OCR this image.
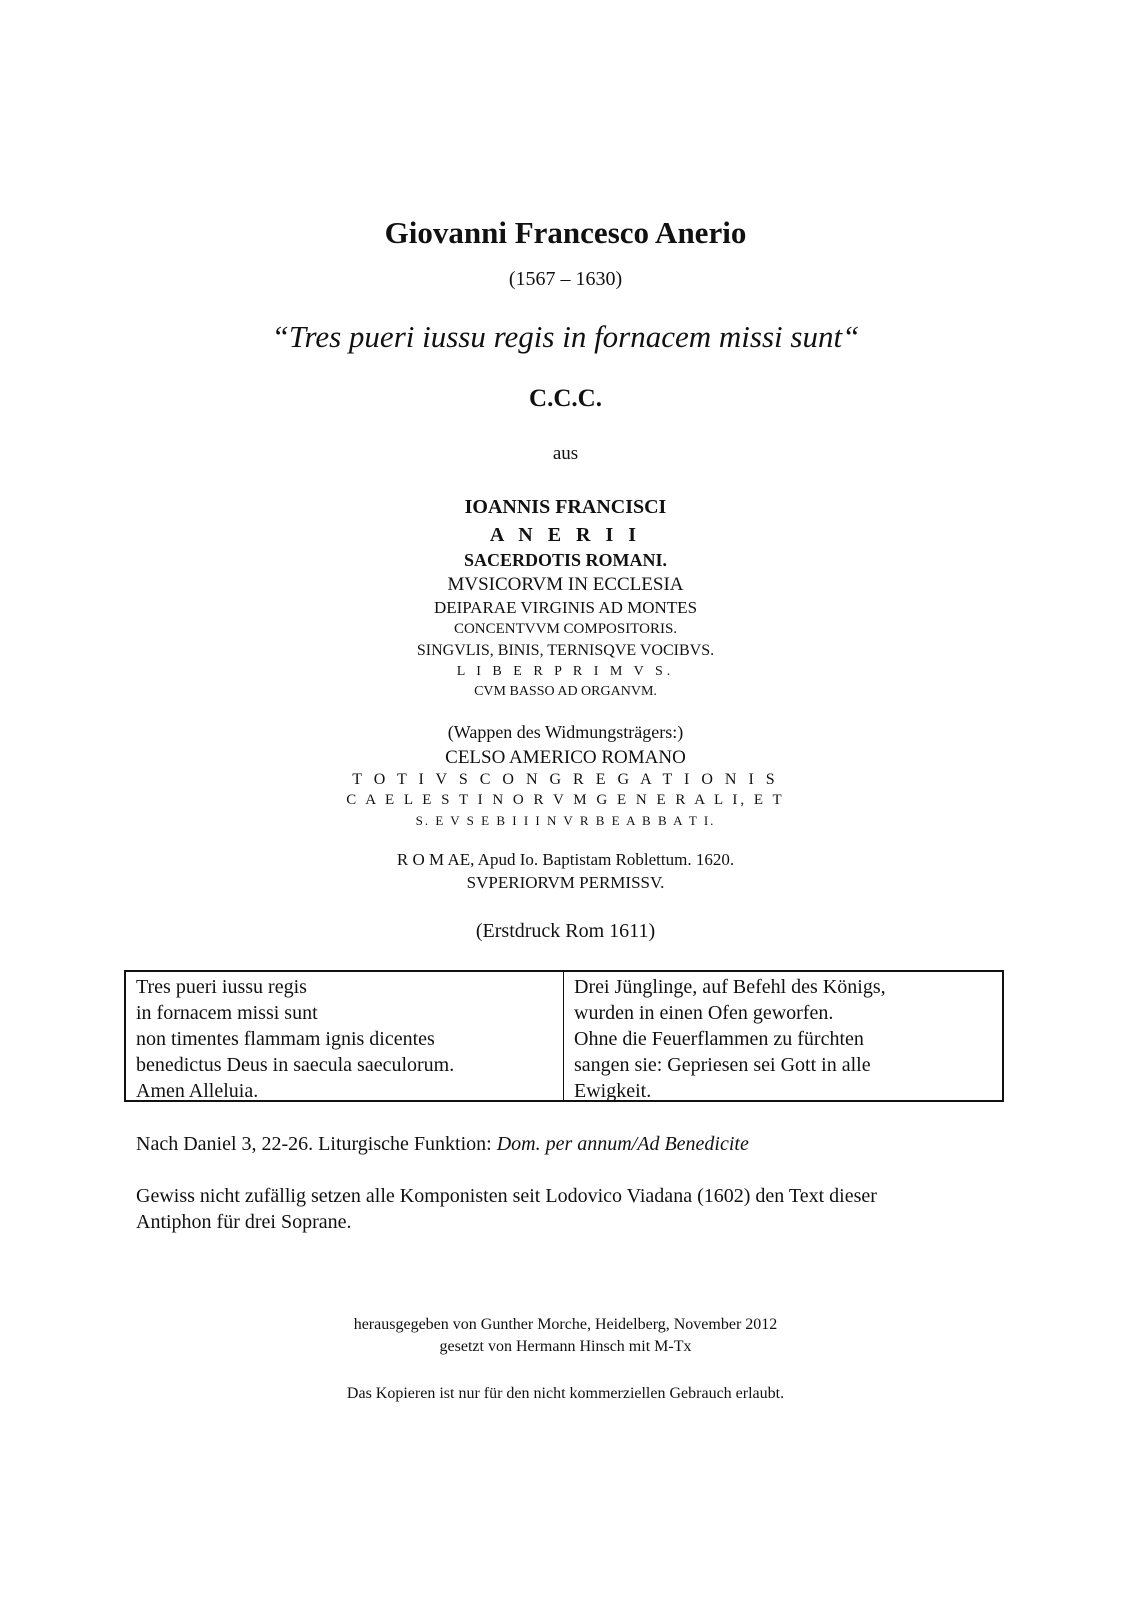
Giovanni Francesco Anerio
(1567 – 1630)
“Tres pueri iussu regis in fornacem missi sunt“
C.C.C.
aus
IOANNIS FRANCISCI
A N E R I I
SACERDOTIS ROMANI.
MVSICORVM IN ECCLESIA
DEIPARAE VIRGINIS AD MONTES
CONCENTVVM COMPOSITORIS.
SINGVLIS, BINIS, TERNISQVE VOCIBVS.
L I B E R P R I M V S.
CVM BASSO AD ORGANVM.
(Wappen des Widmungsträgers:)
CELSO AMERICO ROMANO
T O T I V S C O N G R E G A T I O N I S
C A E L E S T I N O R V M G E N E R A L I, E T
S. E V S E B I I I N V R B E A B B A T I.
R O M AE, Apud Io. Baptistam Roblettum. 1620.
SVPERIORVM PERMISSV.
(Erstdruck Rom 1611)
Tres pueri iussu regis
in fornacem missi sunt
non timentes flammam ignis dicentes
benedictus Deus in saecula saeculorum.
Amen Alleluia.
Drei Jünglinge, auf Befehl des Königs,
wurden in einen Ofen geworfen.
Ohne die Feuerflammen zu fürchten
sangen sie: Gepriesen sei Gott in alle
Ewigkeit.
Nach Daniel 3, 22-26. Liturgische Funktion: Dom. per annum/Ad Benedicite
Gewiss nicht zufällig setzen alle Komponisten seit Lodovico Viadana (1602) den Text dieser
Antiphon für drei Soprane.
herausgegeben von Gunther Morche, Heidelberg, November 2012
gesetzt von Hermann Hinsch mit M-Tx
Das Kopieren ist nur für den nicht kommerziellen Gebrauch erlaubt.
